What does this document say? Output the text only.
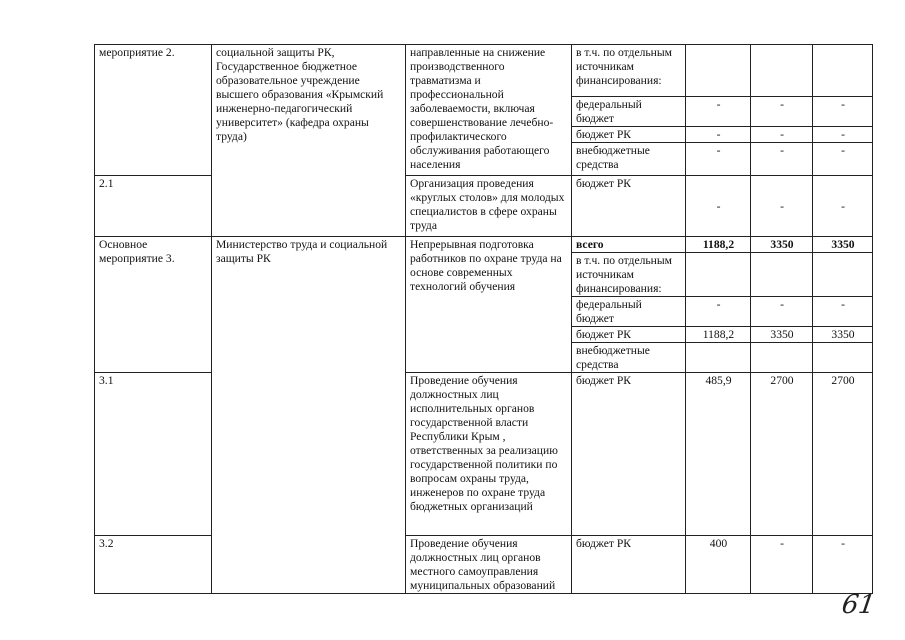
мероприятие 2.	социальной защиты РК, Государственное бюджетное образовательное учреждение высшего образования «Крымский инженерно-педагогический университет» (кафедра охраны труда)	направленные на снижение производственного травматизма и профессиональной заболеваемости, включая совершенствование лечебно-профилактического обслуживания работающего населения	в т.ч. по отдельным источникам финансирования:			
			федеральный бюджет	-	-	-
			бюджет РК	-	-	-
			внебюджетные средства	-	-	-
2.1		Организация проведения «круглых столов» для молодых специалистов в сфере охраны труда	бюджет РК	-	-	-
Основное мероприятие 3.	Министерство труда и социальной защиты РК	Непрерывная подготовка работников по охране труда на основе современных технологий обучения	всего	1188,2	3350	3350
			в т.ч. по отдельным источникам финансирования:			
			федеральный бюджет	-	-	-
			бюджет РК	1188,2	3350	3350
			внебюджетные средства			
3.1		Проведение обучения должностных лиц исполнительных органов государственной власти Республики Крым , ответственных за реализацию государственной политики по вопросам охраны труда, инженеров по охране труда бюджетных организаций	бюджет РК	485,9	2700	2700
3.2		Проведение обучения должностных лиц органов местного самоуправления муниципальных образований	бюджет РК	400	-	-
61
